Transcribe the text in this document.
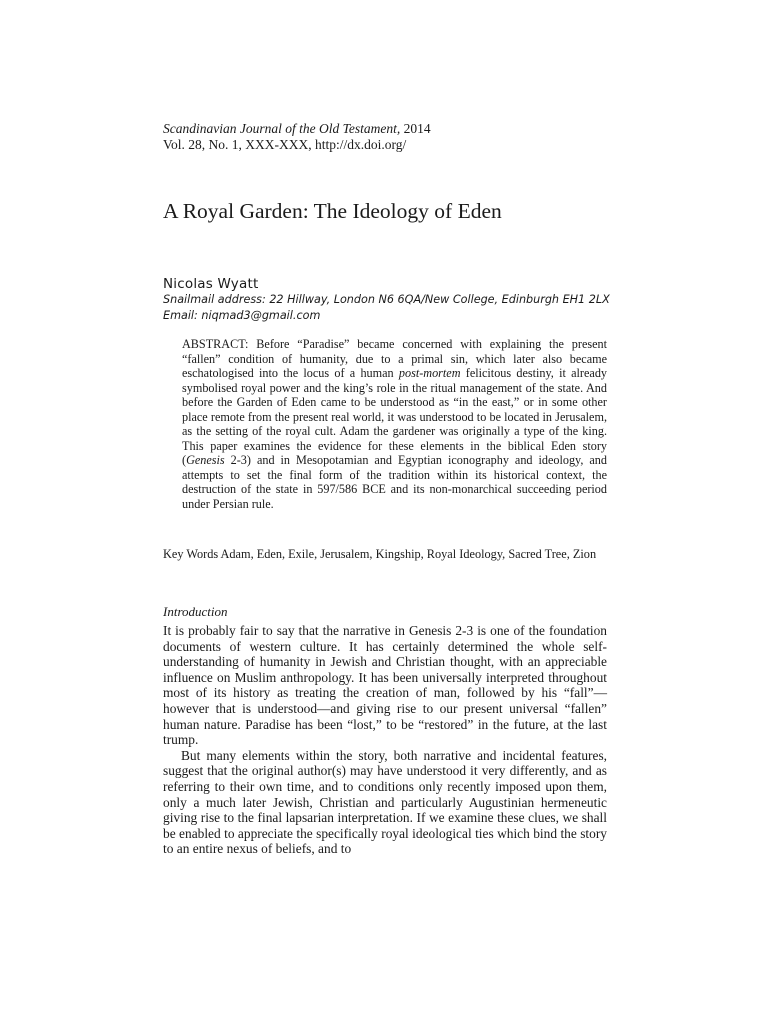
Scandinavian Journal of the Old Testament, 2014
Vol. 28, No. 1, XXX-XXX, http://dx.doi.org/
A Royal Garden: The Ideology of Eden
Nicolas Wyatt
Snailmail address: 22 Hillway, London N6 6QA/New College, Edinburgh EH1 2LX
Email: niqmad3@gmail.com

ABSTRACT: Before “Paradise” became concerned with explaining the present “fallen” condition of humanity, due to a primal sin, which later also became eschatologised into the locus of a human post-mortem felicitous destiny, it already symbolised royal power and the king’s role in the ritual management of the state. And before the Garden of Eden came to be understood as “in the east,” or in some other place remote from the present real world, it was understood to be located in Jerusalem, as the setting of the royal cult. Adam the gardener was originally a type of the king. This paper examines the evidence for these elements in the biblical Eden story (Genesis 2-3) and in Mesopotamian and Egyptian iconography and ideology, and attempts to set the final form of the tradition within its historical context, the destruction of the state in 597/586 BCE and its non-monarchical succeeding period under Persian rule.

Key Words Adam, Eden, Exile, Jerusalem, Kingship, Royal Ideology, Sacred Tree, Zion

Introduction

It is probably fair to say that the narrative in Genesis 2-3 is one of the foundation documents of western culture. It has certainly determined the whole self-understanding of humanity in Jewish and Christian thought, with an appreciable influence on Muslim anthropology. It has been universally interpreted throughout most of its history as treating the creation of man, followed by his “fall”—however that is understood—and giving rise to our present universal “fallen” human nature. Paradise has been “lost,” to be “restored” in the future, at the last trump.

But many elements within the story, both narrative and incidental features, suggest that the original author(s) may have understood it very differently, and as referring to their own time, and to conditions only recently imposed upon them, only a much later Jewish, Christian and particularly Augustinian hermeneutic giving rise to the final lapsarian interpretation. If we examine these clues, we shall be enabled to appreciate the specifically royal ideological ties which bind the story to an entire nexus of beliefs, and to
